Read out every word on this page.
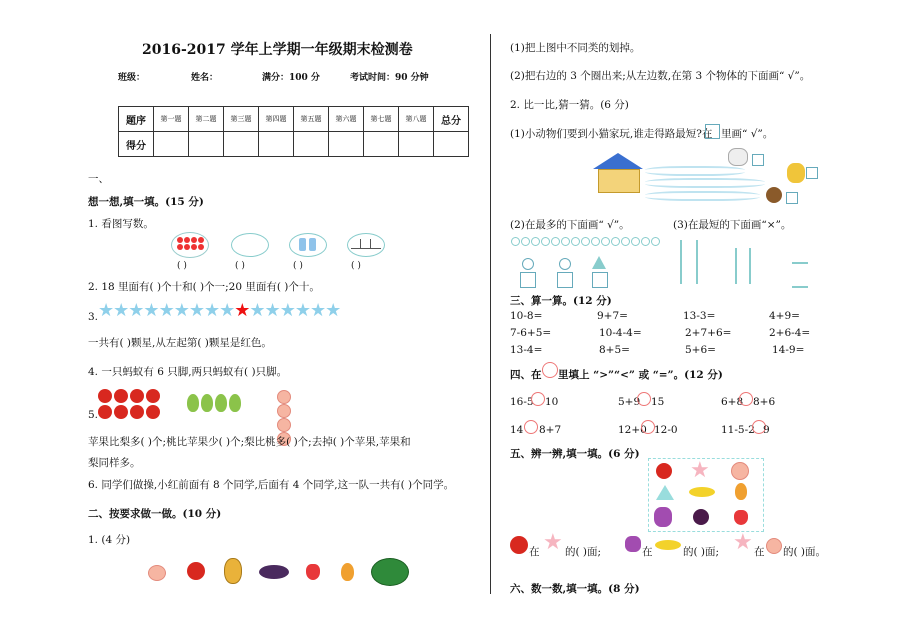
2016-2017 学年上学期一年级期末检测卷
班级：	姓名：	满分：100 分	考试时间：90 分钟
题序	第一题	第二题	第三题	第四题	第五题	第六题	第七题	第八题	总分
得分									
一、
想一想,填一填。(15 分)
1. 看图写数。
( )	( )	( )	( )
2. 18 里面有( )个十和( )个一;20 里面有( )个十。
3. ★★★★★★★★★★★★★★★★
一共有( )颗星,从左起第( )颗星是红色。
4. 一只蚂蚁有 6 只脚,两只蚂蚁有( )只脚。
5.
苹果比梨多( )个;桃比苹果少( )个;梨比桃多( )个;去掉( )个苹果,苹果和
梨同样多。
6. 同学们做操,小红前面有 8 个同学,后面有 4 个同学,这一队一共有( )个同学。
二、按要求做一做。(10 分)
1. (4 分)
(1)把上图中不同类的划掉。
(2)把右边的 3 个圈出来;从左边数,在第 3 个物体的下面画“ √”。
2. 比一比,猜一猜。(6 分)
(1)小动物们要到小猫家玩,谁走得路最短?在 里画“ √”。
(2)在最多的下面画“ √”。	(3)在最短的下面画“×”。
三、算一算。(12 分)
10-8=	9+7=	13-3=	4+9=
7-6+5=	10-4-4=	2+7+6=	2+6-4=
13-4=	8+5=	5+6=	14-9=
四、在 里填上 “>”“<” 或 “=”。(12 分)
16-5 10	5+9 15	6+8 8+6
14 8+7	12+0 12-0	11-5-2 9
五、辨一辨,填一填。(6 分)
★
在 ★ 的( )面;	在	的( )面; ★ 在 的( )面。
六、数一数,填一填。(8 分)
